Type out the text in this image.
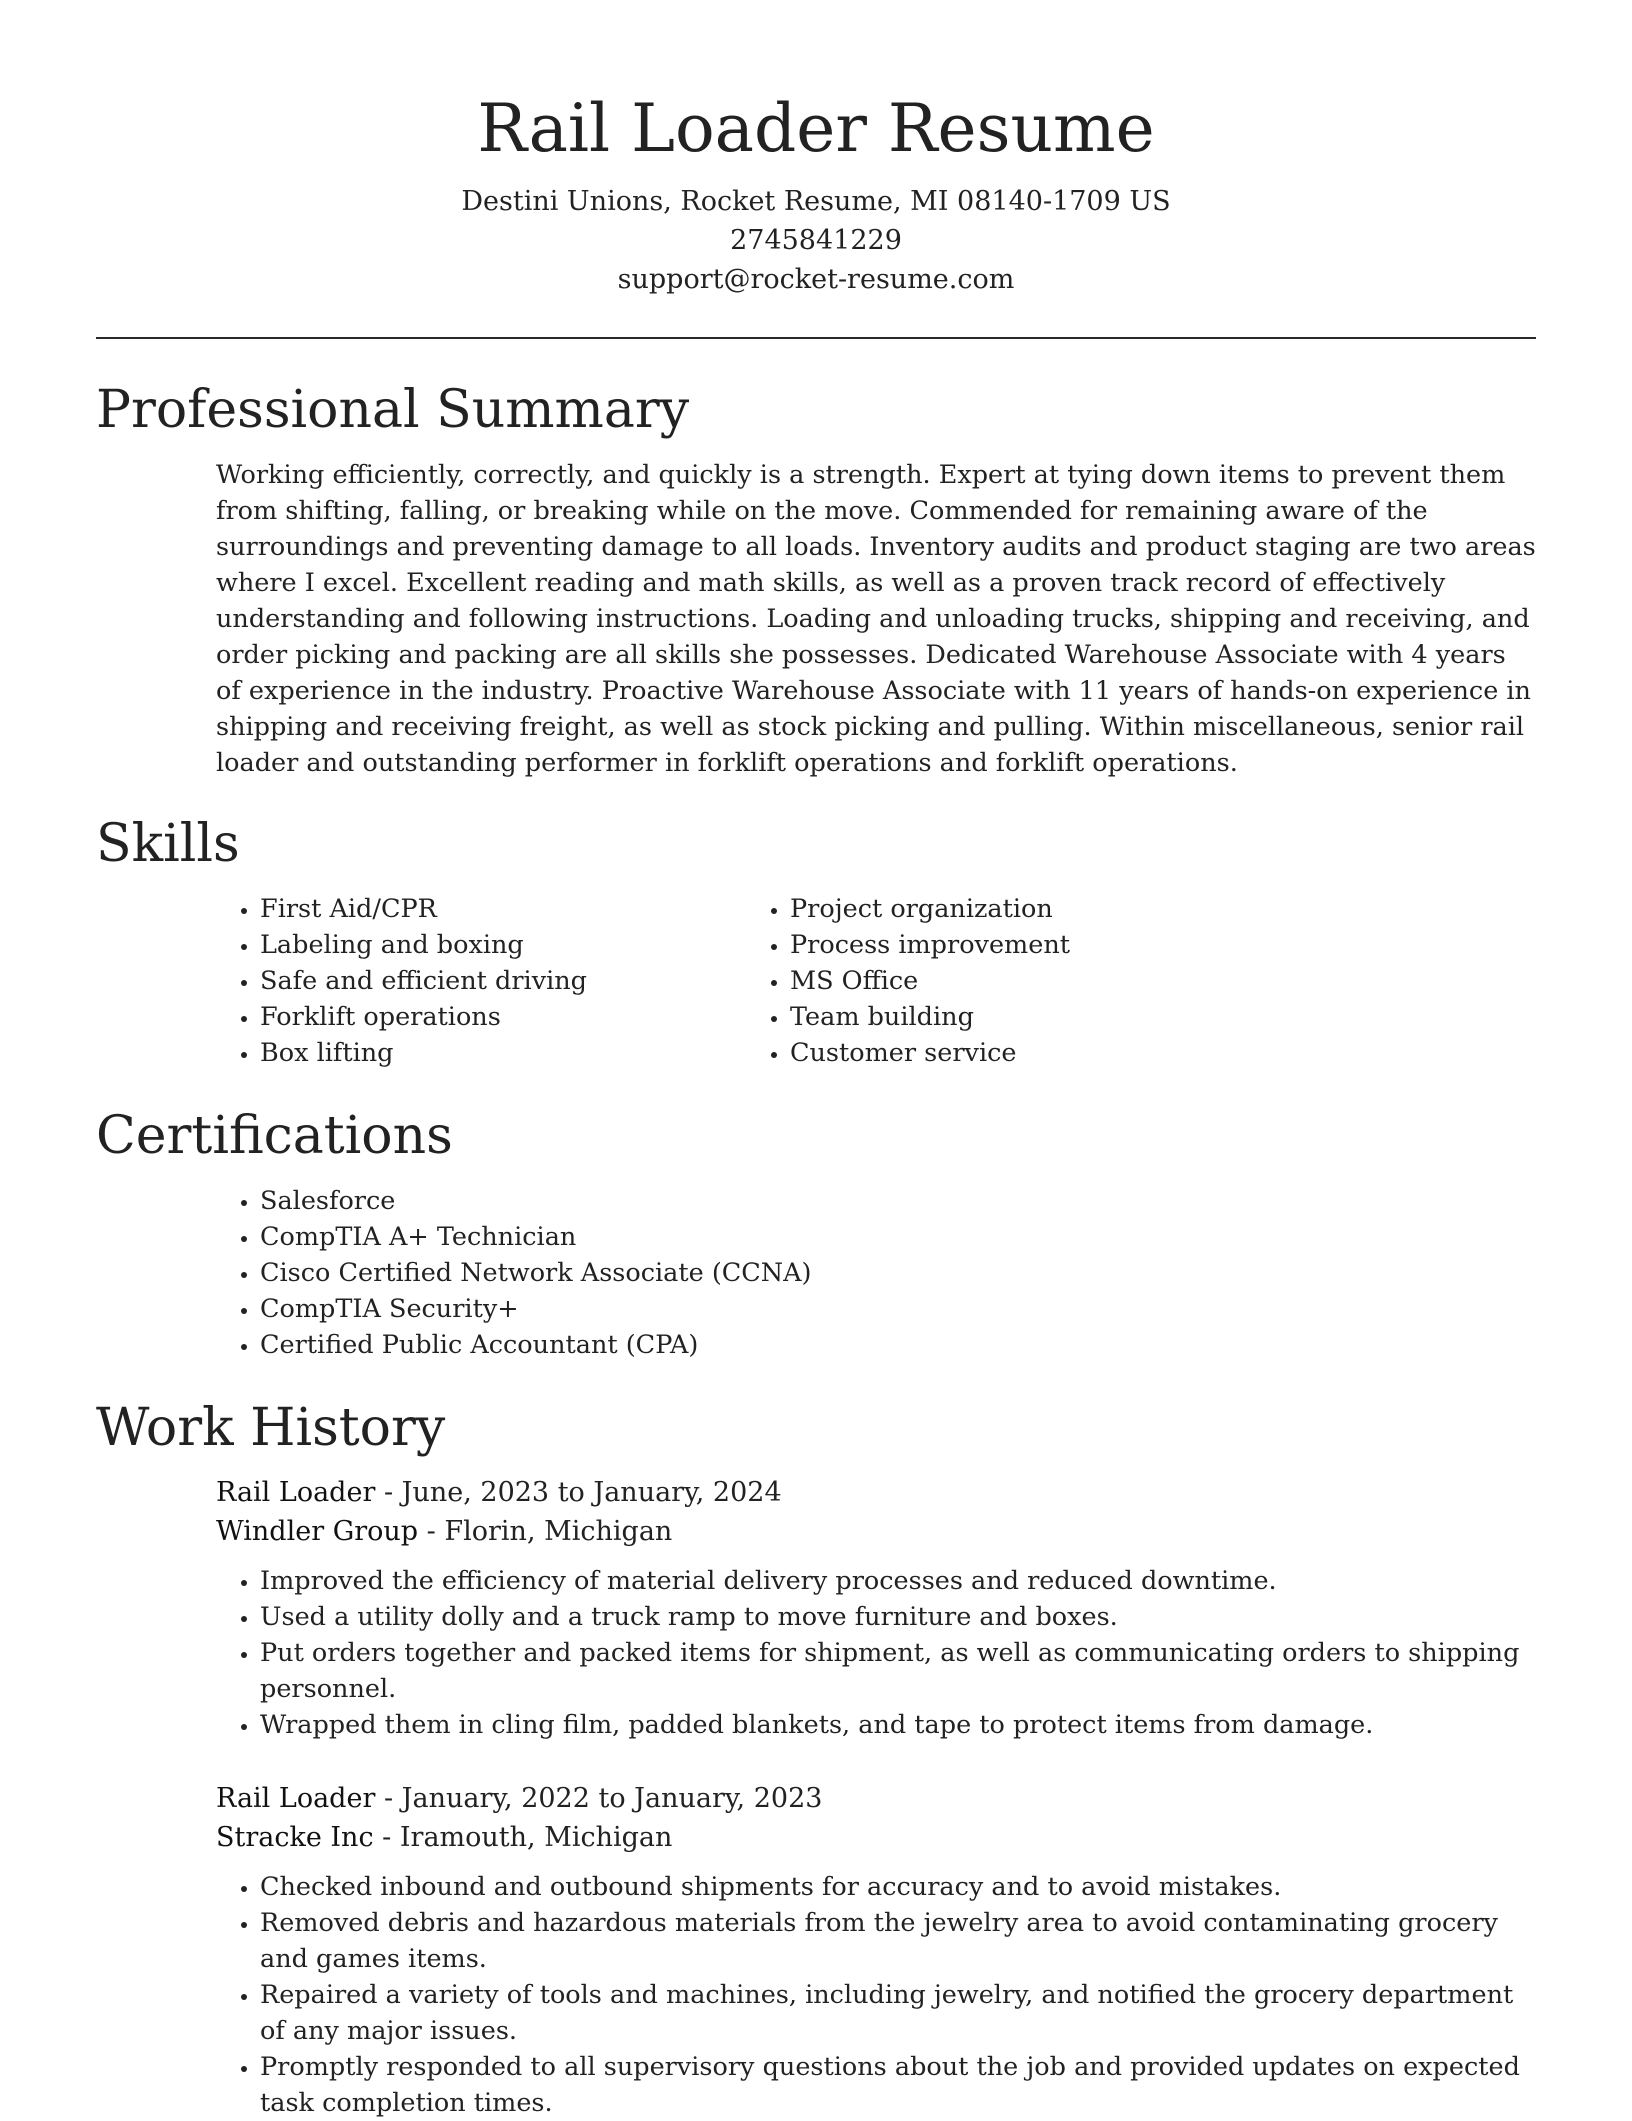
Rail Loader Resume
Destini Unions, Rocket Resume, MI 08140-1709 US
2745841229
support@rocket-resume.com
Professional Summary

Working efficiently, correctly, and quickly is a strength. Expert at tying down items to prevent them from shifting, falling, or breaking while on the move. Commended for remaining aware of the surroundings and preventing damage to all loads. Inventory audits and product staging are two areas where I excel. Excellent reading and math skills, as well as a proven track record of effectively understanding and following instructions. Loading and unloading trucks, shipping and receiving, and order picking and packing are all skills she possesses. Dedicated Warehouse Associate with 4 years of experience in the industry. Proactive Warehouse Associate with 11 years of hands-on experience in shipping and receiving freight, as well as stock picking and pulling. Within miscellaneous, senior rail loader and outstanding performer in forklift operations and forklift operations.

Skills
• First Aid/CPR
• Labeling and boxing
• Safe and efficient driving
• Forklift operations
• Box lifting
• Project organization
• Process improvement
• MS Office
• Team building
• Customer service
Certifications
• Salesforce
• CompTIA A+ Technician
• Cisco Certified Network Associate (CCNA)
• CompTIA Security+
• Certified Public Accountant (CPA)
Work History
Rail Loader - June, 2023 to January, 2024
Windler Group - Florin, Michigan
• Improved the efficiency of material delivery processes and reduced downtime.
• Used a utility dolly and a truck ramp to move furniture and boxes.
• Put orders together and packed items for shipment, as well as communicating orders to shipping personnel.
• Wrapped them in cling film, padded blankets, and tape to protect items from damage.
Rail Loader - January, 2022 to January, 2023
Stracke Inc - Iramouth, Michigan
• Checked inbound and outbound shipments for accuracy and to avoid mistakes.
• Removed debris and hazardous materials from the jewelry area to avoid contaminating grocery and games items.
• Repaired a variety of tools and machines, including jewelry, and notified the grocery department of any major issues.
• Promptly responded to all supervisory questions about the job and provided updates on expected task completion times.
